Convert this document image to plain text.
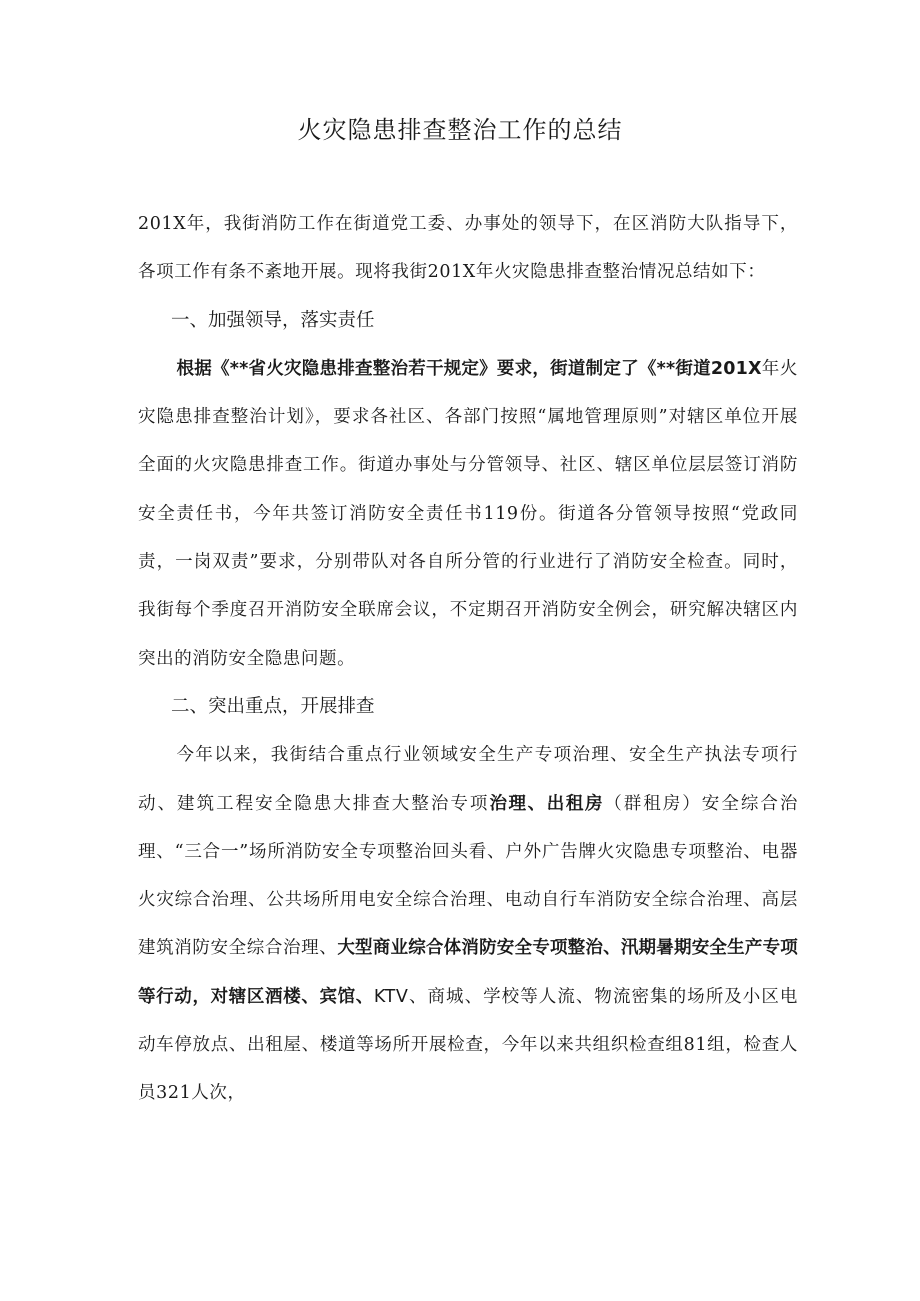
火灾隐患排查整治工作的总结

201X年，我街消防工作在街道党工委、办事处的领导下，在区消防大队指导下，各项工作有条不紊地开展。现将我街201X年火灾隐患排查整治情况总结如下：

一、加强领导，落实责任

根据《**省火灾隐患排查整治若干规定》要求，街道制定了《**街道201X年火灾隐患排查整治计划》，要求各社区、各部门按照“属地管理原则”对辖区单位开展全面的火灾隐患排查工作。街道办事处与分管领导、社区、辖区单位层层签订消防安全责任书，今年共签订消防安全责任书119份。街道各分管领导按照“党政同责，一岗双责”要求，分别带队对各自所分管的行业进行了消防安全检查。同时，我街每个季度召开消防安全联席会议，不定期召开消防安全例会，研究解决辖区内突出的消防安全隐患问题。

二、突出重点，开展排查

今年以来，我街结合重点行业领域安全生产专项治理、安全生产执法专项行动、建筑工程安全隐患大排查大整治专项治理、出租房（群租房）安全综合治理、“三合一”场所消防安全专项整治回头看、户外广告牌火灾隐患专项整治、电器火灾综合治理、公共场所用电安全综合治理、电动自行车消防安全综合治理、高层建筑消防安全综合治理、大型商业综合体消防安全专项整治、汛期暑期安全生产专项等行动，对辖区酒楼、宾馆、KTV、商城、学校等人流、物流密集的场所及小区电动车停放点、出租屋、楼道等场所开展检查，今年以来共组织检查组81组，检查人员321人次，
